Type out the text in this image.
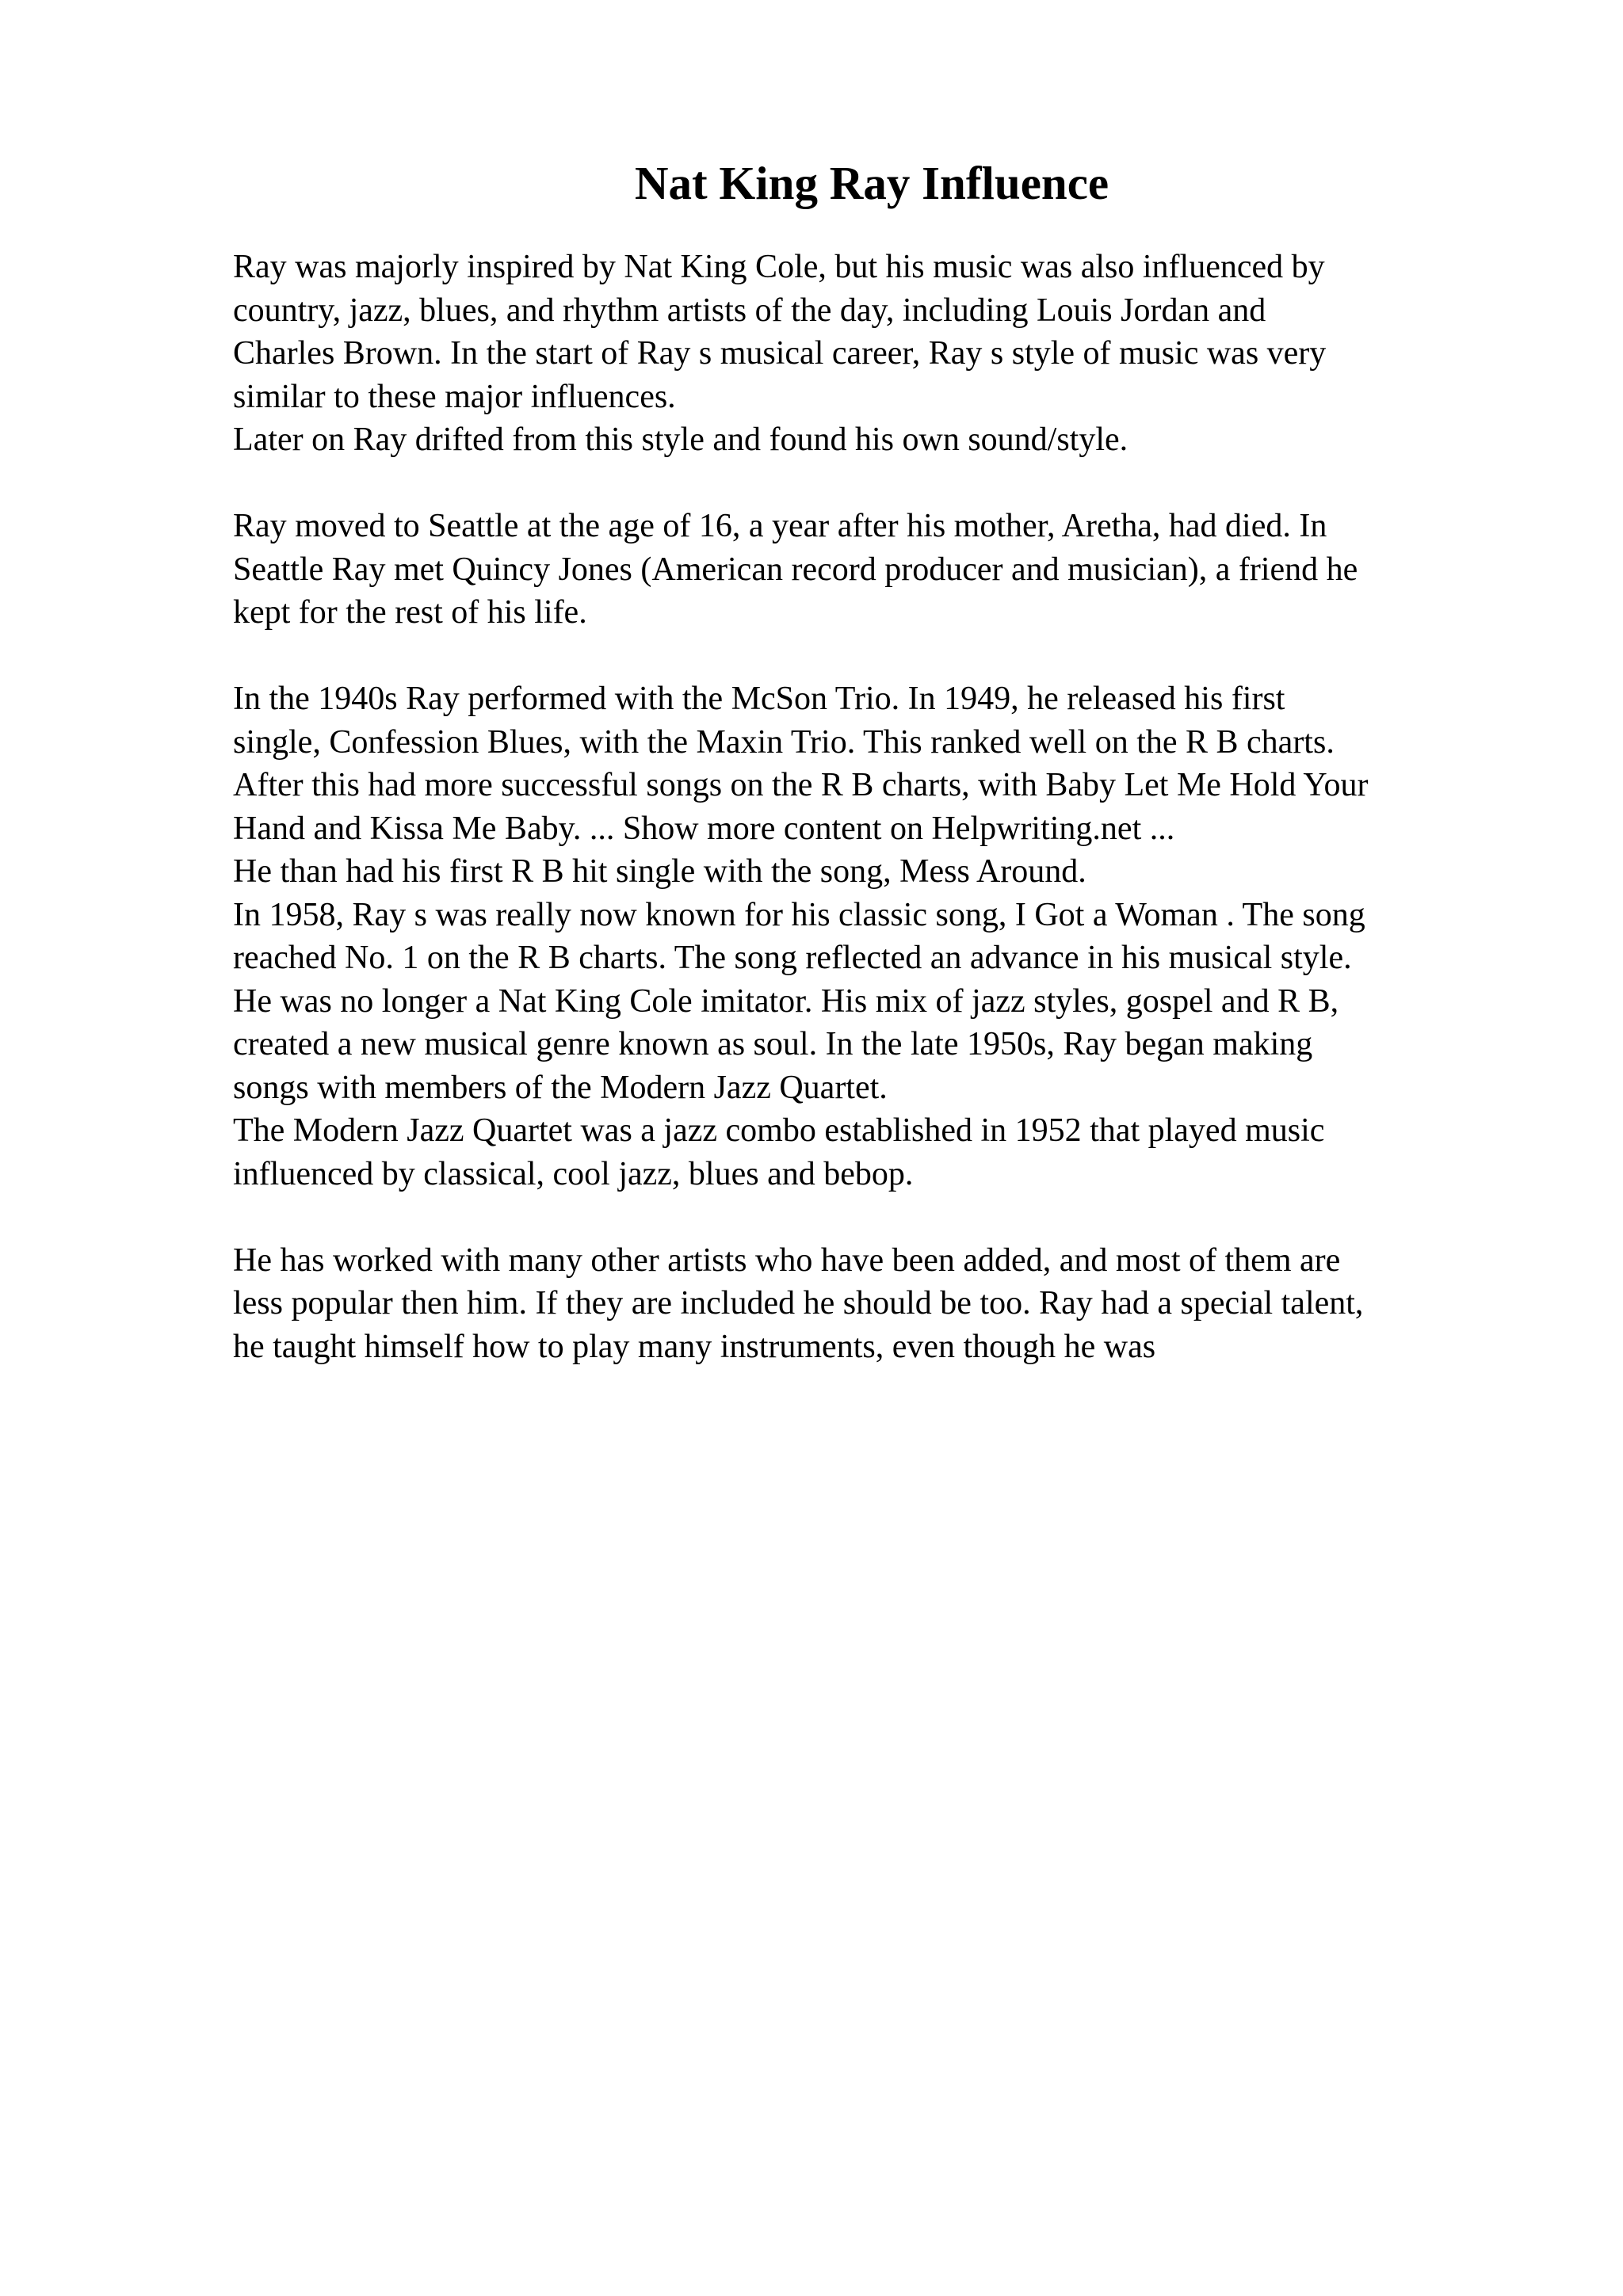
Nat King Ray Influence
Ray was majorly inspired by Nat King Cole, but his music was also influenced by
country, jazz, blues, and rhythm artists of the day, including Louis Jordan and
Charles Brown. In the start of Ray s musical career, Ray s style of music was very
similar to these major influences.
Later on Ray drifted from this style and found his own sound/style.
Ray moved to Seattle at the age of 16, a year after his mother, Aretha, had died. In
Seattle Ray met Quincy Jones (American record producer and musician), a friend he
kept for the rest of his life.
In the 1940s Ray performed with the McSon Trio. In 1949, he released his first
single, Confession Blues, with the Maxin Trio. This ranked well on the R B charts.
After this had more successful songs on the R B charts, with Baby Let Me Hold Your
Hand and Kissa Me Baby. ... Show more content on Helpwriting.net ...
He than had his first R B hit single with the song, Mess Around.
In 1958, Ray s was really now known for his classic song, I Got a Woman . The song
reached No. 1 on the R B charts. The song reflected an advance in his musical style.
He was no longer a Nat King Cole imitator. His mix of jazz styles, gospel and R B,
created a new musical genre known as soul. In the late 1950s, Ray began making
songs with members of the Modern Jazz Quartet.
The Modern Jazz Quartet was a jazz combo established in 1952 that played music
influenced by classical, cool jazz, blues and bebop.
He has worked with many other artists who have been added, and most of them are
less popular then him. If they are included he should be too. Ray had a special talent,
he taught himself how to play many instruments, even though he was
